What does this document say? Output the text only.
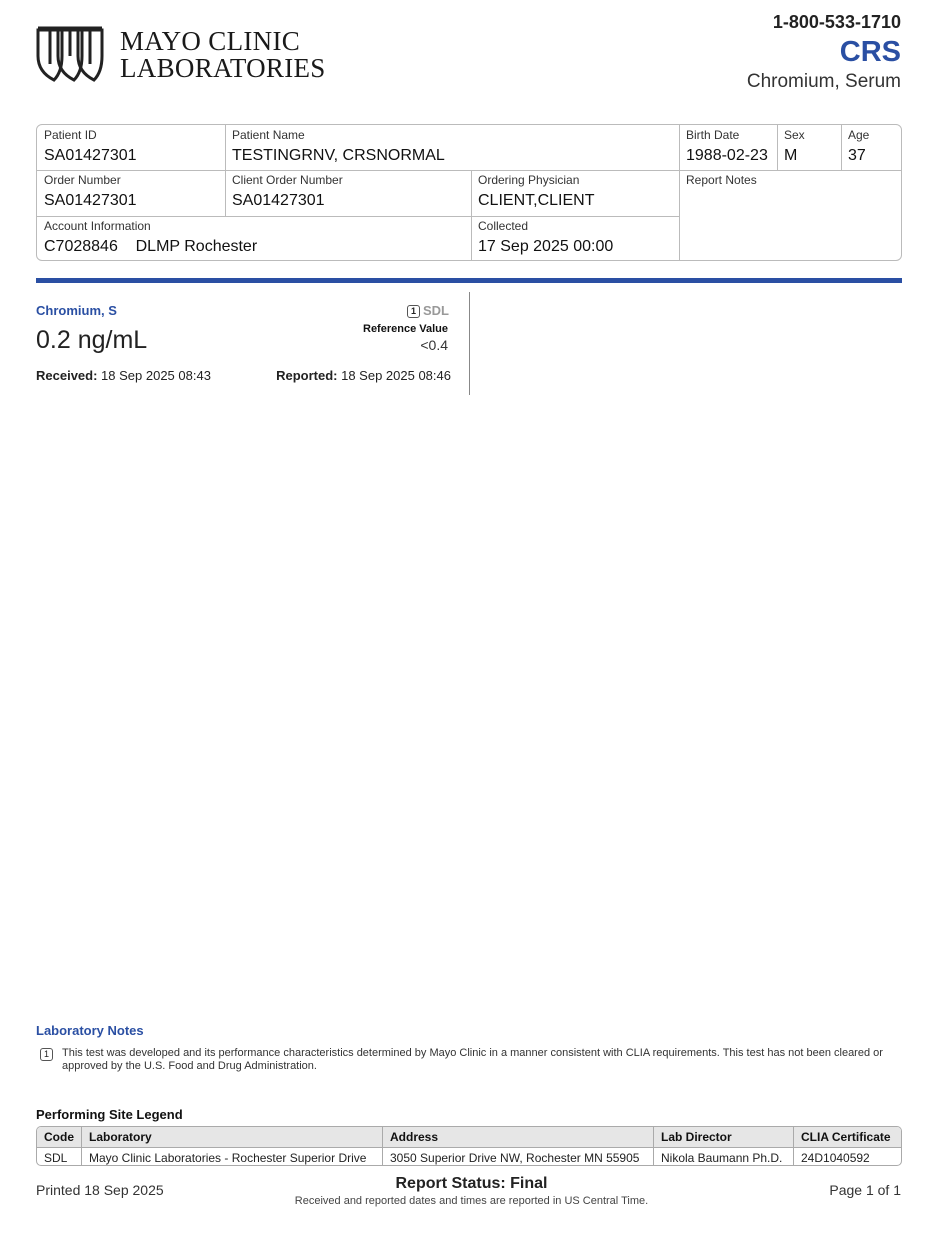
MAYO CLINIC
LABORATORIES
1-800-533-1710
CRS
Chromium, Serum
Patient ID
SA01427301
Patient Name
TESTINGRNV, CRSNORMAL
Birth Date
1988-02-23
Sex
M
Age
37
Order Number
SA01427301
Client Order Number
SA01427301
Ordering Physician
CLIENT,CLIENT
Report Notes
Account Information
C7028846    DLMP Rochester
Collected
17 Sep 2025 00:00
Chromium, S	1 SDL
0.2 ng/mL	Reference Value
<0.4
Received: 18 Sep 2025 08:43	Reported: 18 Sep 2025 08:46
Laboratory Notes
1	This test was developed and its performance characteristics determined by Mayo Clinic in a manner consistent with CLIA requirements. This test has not been cleared or approved by the U.S. Food and Drug Administration.
Performing Site Legend
Code	Laboratory	Address	Lab Director	CLIA Certificate
SDL	Mayo Clinic Laboratories - Rochester Superior Drive	3050 Superior Drive NW, Rochester MN 55905	Nikola Baumann Ph.D.	24D1040592
Printed 18 Sep 2025	Report Status: Final
Received and reported dates and times are reported in US Central Time.
Page 1 of 1
